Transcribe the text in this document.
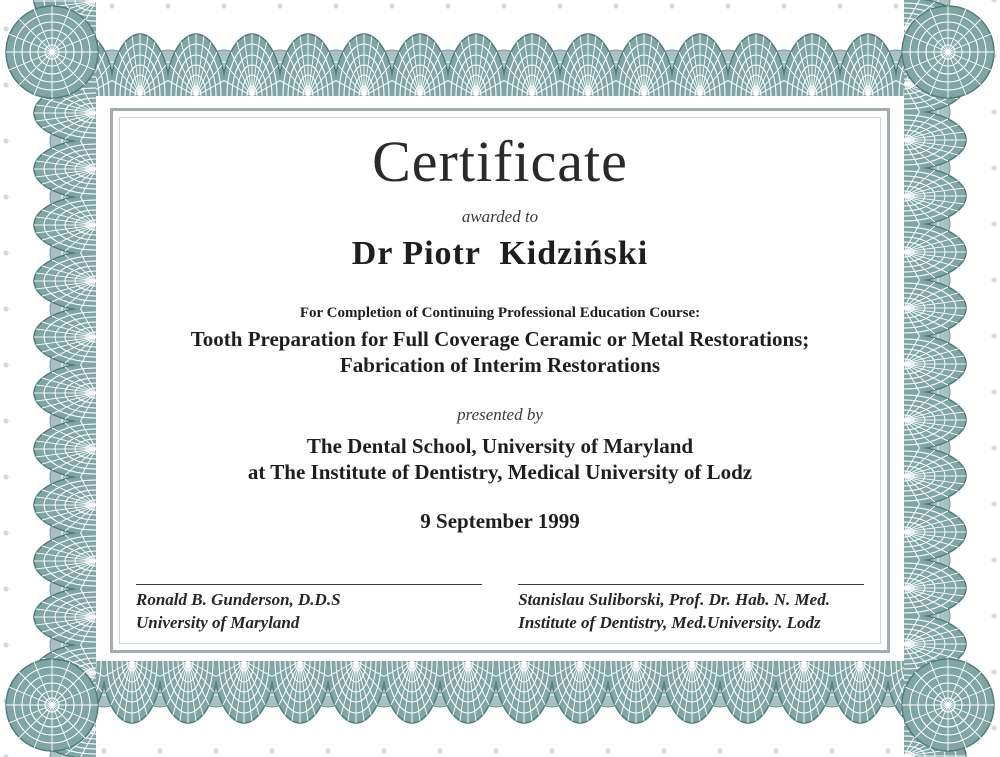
Certificate
awarded to
Dr Piotr  Kidziński
For Completion of Continuing Professional Education Course:
Tooth Preparation for Full Coverage Ceramic or Metal Restorations;
Fabrication of Interim Restorations
presented by
The Dental School, University of Maryland
at The Institute of Dentistry, Medical University of Lodz
9 September 1999
Ronald B. Gunderson, D.D.S
University of Maryland
Stanislau Suliborski, Prof. Dr. Hab. N. Med.
Institute of Dentistry, Med.University. Lodz
